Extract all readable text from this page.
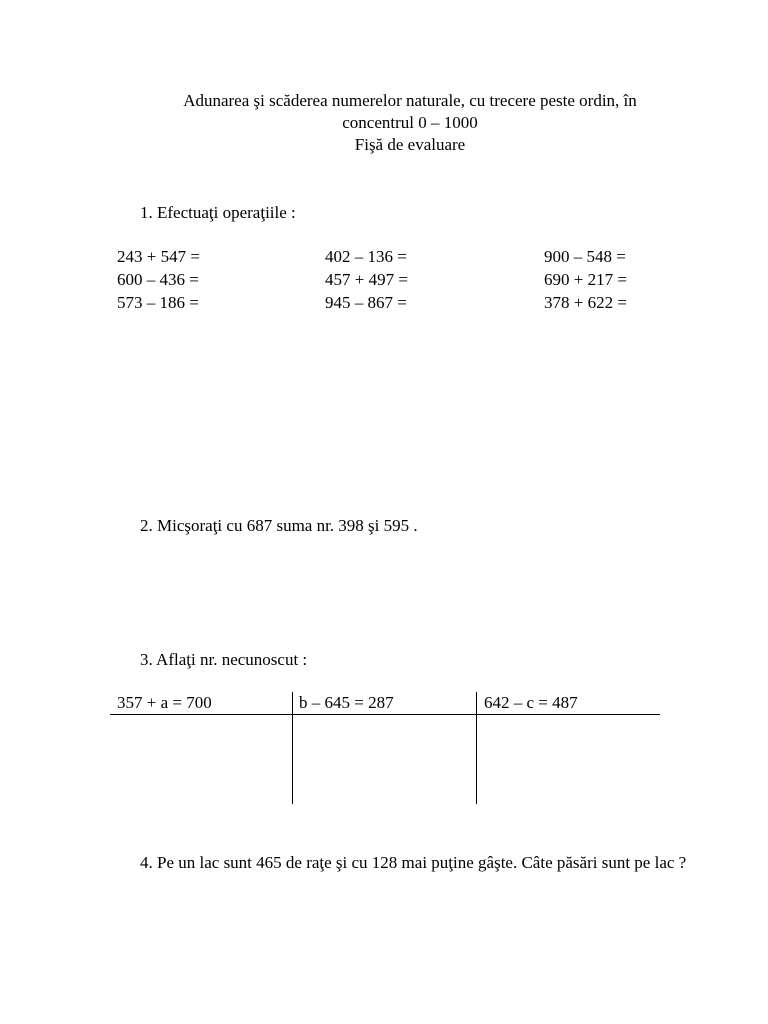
Adunarea şi scăderea numerelor naturale, cu trecere peste ordin, în
concentrul 0 – 1000
Fişă de evaluare
1. Efectuaţi operaţiile :
243 + 547 =
600 – 436 =
573 – 186 =
402 – 136 =
457 + 497 =
945 – 867 =
900 – 548 =
690 + 217 =
378 + 622 =
2. Micşoraţi cu 687 suma nr. 398 şi 595 .
3. Aflaţi nr. necunoscut :
357 + a = 700	b – 645 = 287	642 – c = 487
4. Pe un lac sunt 465 de raţe şi cu 128 mai puţine gâşte. Câte păsări sunt pe lac ?
